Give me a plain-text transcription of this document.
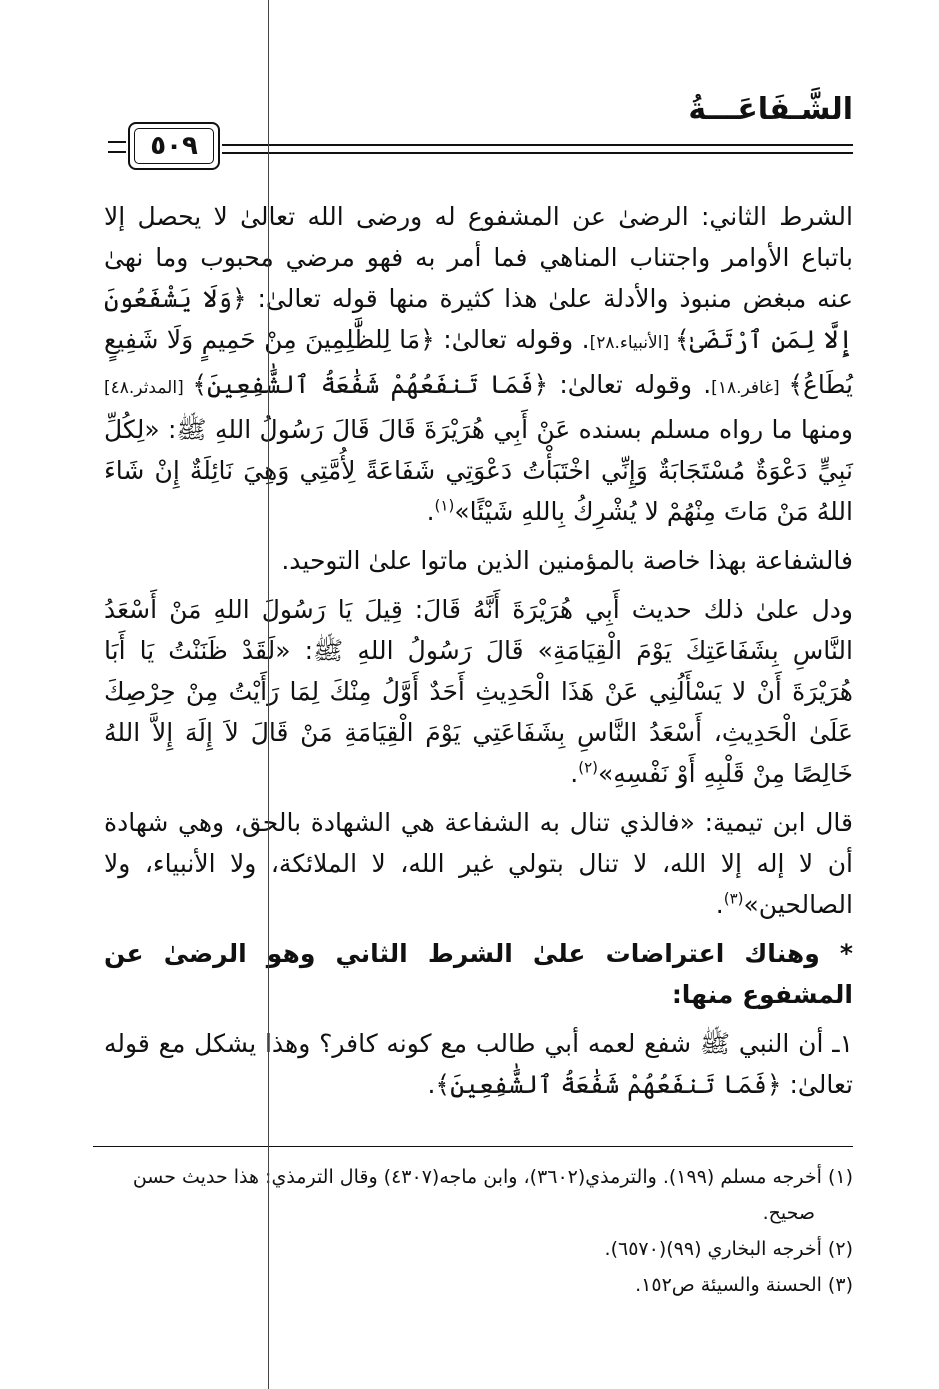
الشَّـفَاعَـــةُ
٥٠٩

الشرط الثاني: الرضىٰ عن المشفوع له ورضى الله تعالىٰ لا يحصل إلا باتباع الأوامر واجتناب المناهي فما أمر به فهو مرضي محبوب وما نهىٰ عنه مبغض منبوذ والأدلة علىٰ هذا كثيرة منها قوله تعالىٰ: ﴿وَلَا يَشْفَعُونَ إِلَّا لِمَنِ ٱرْتَضَىٰ﴾ [الأنبياء.٢٨]. وقوله تعالىٰ: ﴿مَا لِلظَّٰلِمِينَ مِنْ حَمِيمٍ وَلَا شَفِيعٍ يُطَاعُ﴾ [غافر.١٨]. وقوله تعالىٰ: ﴿فَمَا تَنفَعُهُمْ شَفَٰعَةُ ٱلشَّٰفِعِينَ﴾ [المدثر.٤٨] ومنها ما رواه مسلم بسنده عَنْ أَبِي هُرَيْرَةَ قَالَ قَالَ رَسُولُ اللهِ ﷺ: «لِكُلِّ نَبِيٍّ دَعْوَةٌ مُسْتَجَابَةٌ وَإِنِّي اخْتَبَأْتُ دَعْوَتِي شَفَاعَةً لِأُمَّتِي وَهِيَ نَائِلَةٌ إِنْ شَاءَ اللهُ مَنْ مَاتَ مِنْهُمْ لا يُشْرِكُ بِاللهِ شَيْئًا»$^{(١)}$.

فالشفاعة بهذا خاصة بالمؤمنين الذين ماتوا علىٰ التوحيد.

ودل علىٰ ذلك حديث أَبِي هُرَيْرَةَ أَنَّهُ قَالَ: قِيلَ يَا رَسُولَ اللهِ مَنْ أَسْعَدُ النَّاسِ بِشَفَاعَتِكَ يَوْمَ الْقِيَامَةِ» قَالَ رَسُولُ اللهِ ﷺ: «لَقَدْ ظَنَنْتُ يَا أَبَا هُرَيْرَةَ أَنْ لا يَسْأَلُنِي عَنْ هَذَا الْحَدِيثِ أَحَدٌ أَوَّلُ مِنْكَ لِمَا رَأَيْتُ مِنْ حِرْصِكَ عَلَىٰ الْحَدِيثِ، أَسْعَدُ النَّاسِ بِشَفَاعَتِي يَوْمَ الْقِيَامَةِ مَنْ قَالَ لاَ إِلَهَ إِلاَّ اللهُ خَالِصًا مِنْ قَلْبِهِ أَوْ نَفْسِهِ»$^{(٢)}$.

قال ابن تيمية: «فالذي تنال به الشفاعة هي الشهادة بالحق، وهي شهادة أن لا إله إلا الله، لا تنال بتولي غير الله، لا الملائكة، ولا الأنبياء، ولا الصالحين»$^{(٣)}$.

* وهناك اعتراضات علىٰ الشرط الثاني وهو الرضىٰ عن المشفوع منها:

١ـ أن النبي ﷺ شفع لعمه أبي طالب مع كونه كافر؟ وهذا يشكل مع قوله تعالىٰ: ﴿فَمَا تَنفَعُهُمْ شَفَٰعَةُ ٱلشَّٰفِعِينَ﴾.

(١) أخرجه مسلم (١٩٩). والترمذي(٣٦٠٢)، وابن ماجه(٤٣٠٧) وقال الترمذي: هذا حديث حسن

صحيح.

(٢) أخرجه البخاري (٩٩)(٦٥٧٠).

(٣) الحسنة والسيئة ص١٥٢.
